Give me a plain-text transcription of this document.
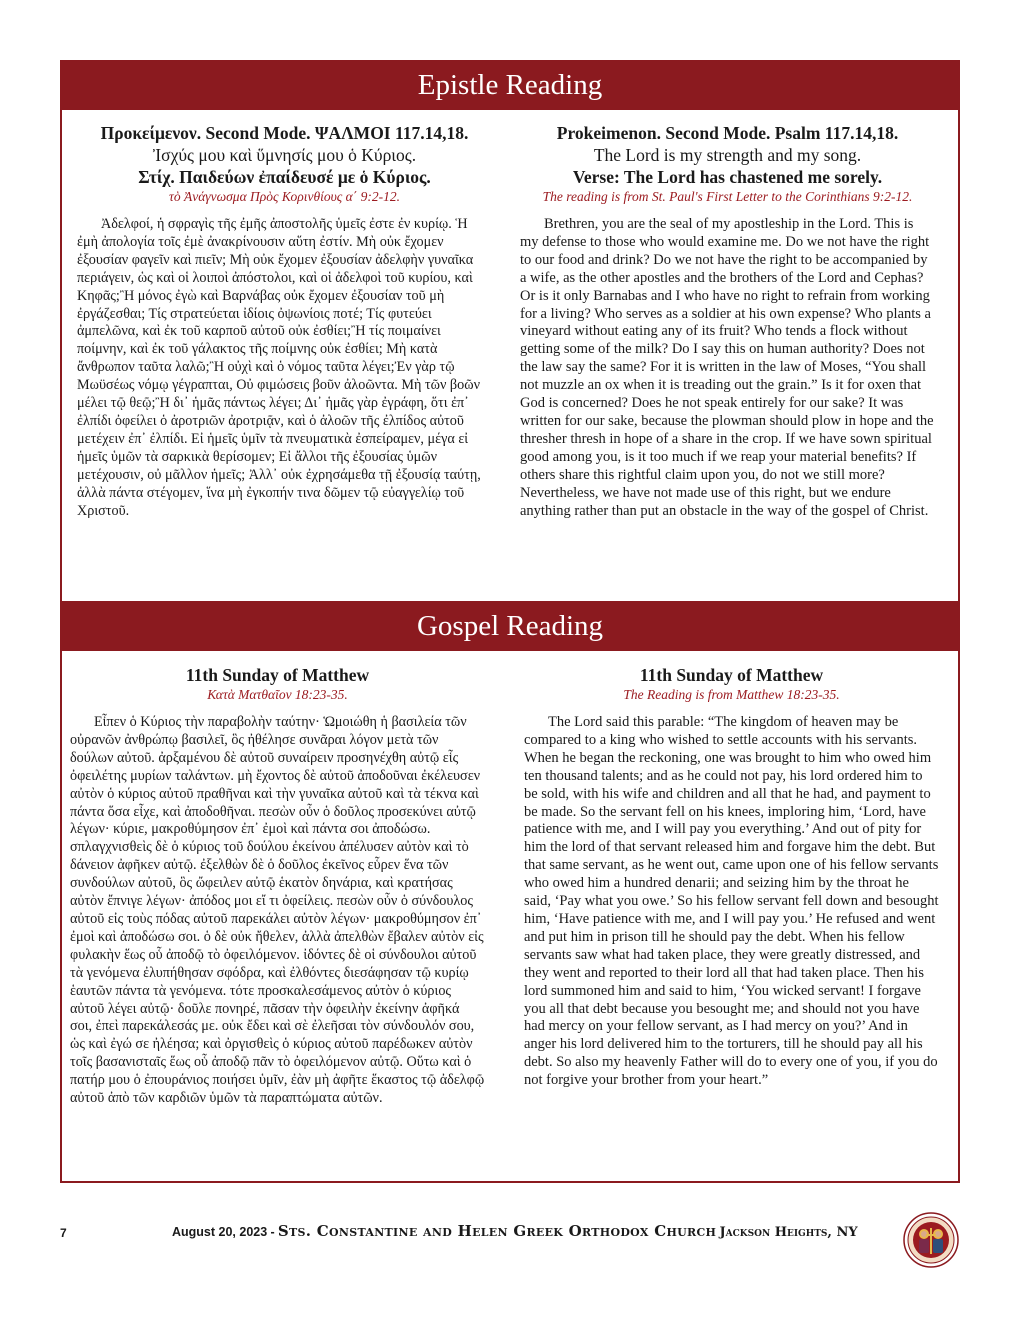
Epistle Reading
Προκείμενον. Second Mode. ΨΑΛΜΟΙ 117.14,18.
Ἰσχύς μου καὶ ὕμνησίς μου ὁ Κύριος.
Στίχ. Παιδεύων ἐπαίδευσέ με ὁ Κύριος.
τὸ Ἀνάγνωσμα Πρὸς Κορινθίους α΄ 9:2-12.
Ἀδελφοί, ἡ σφραγὶς τῆς ἐμῆς ἀποστολῆς ὑμεῖς ἐστε ἐν κυρίῳ. Ἡ ἐμὴ ἀπολογία τοῖς ἐμὲ ἀνακρίνουσιν αὕτη ἐστίν. Μὴ οὐκ ἔχομεν ἐξουσίαν φαγεῖν καὶ πιεῖν; Μὴ οὐκ ἔχομεν ἐξουσίαν ἀδελφὴν γυναῖκα περιάγειν, ὡς καὶ οἱ λοιποὶ ἀπόστολοι, καὶ οἱ ἀδελφοὶ τοῦ κυρίου, καὶ Κηφᾶς;Ἢ μόνος ἐγὼ καὶ Βαρνάβας οὐκ ἔχομεν ἐξουσίαν τοῦ μὴ ἐργάζεσθαι; Τίς στρατεύεται ἰδίοις ὀψωνίοις ποτέ; Τίς φυτεύει ἀμπελῶνα, καὶ ἐκ τοῦ καρποῦ αὐτοῦ οὐκ ἐσθίει;Ἢ τίς ποιμαίνει ποίμνην, καὶ ἐκ τοῦ γάλακτος τῆς ποίμνης οὐκ ἐσθίει; Μὴ κατὰ ἄνθρωπον ταῦτα λαλῶ;Ἢ οὐχὶ καὶ ὁ νόμος ταῦτα λέγει;Ἐν γὰρ τῷ Μωϋσέως νόμῳ γέγραπται, Οὐ φιμώσεις βοῦν ἀλοῶντα. Μὴ τῶν βοῶν μέλει τῷ θεῷ;Ἢ δι᾽ ἡμᾶς πάντως λέγει; Δι᾽ ἡμᾶς γὰρ ἐγράφη, ὅτι ἐπ᾽ ἐλπίδι ὀφείλει ὁ ἀροτριῶν ἀροτριᾷν, καὶ ὁ ἀλοῶν τῆς ἐλπίδος αὐτοῦ μετέχειν ἐπ᾽ ἐλπίδι. Εἰ ἡμεῖς ὑμῖν τὰ πνευματικὰ ἐσπείραμεν, μέγα εἰ ἡμεῖς ὑμῶν τὰ σαρκικὰ θερίσομεν; Εἰ ἄλλοι τῆς ἐξουσίας ὑμῶν μετέχουσιν, οὐ μᾶλλον ἡμεῖς; Ἀλλ᾽ οὐκ ἐχρησάμεθα τῇ ἐξουσίᾳ ταύτῃ, ἀλλὰ πάντα στέγομεν, ἵνα μὴ ἐγκοπήν τινα δῶμεν τῷ εὐαγγελίῳ τοῦ Χριστοῦ.
Prokeimenon. Second Mode. Psalm 117.14,18.
The Lord is my strength and my song.
Verse: The Lord has chastened me sorely.
The reading is from St. Paul's First Letter to the Corinthians 9:2-12.
Brethren, you are the seal of my apostleship in the Lord. This is my defense to those who would examine me. Do we not have the right to our food and drink? Do we not have the right to be accompanied by a wife, as the other apostles and the brothers of the Lord and Cephas? Or is it only Barnabas and I who have no right to refrain from working for a living? Who serves as a soldier at his own expense? Who plants a vineyard without eating any of its fruit? Who tends a flock without getting some of the milk? Do I say this on human authority? Does not the law say the same? For it is written in the law of Moses, “You shall not muzzle an ox when it is treading out the grain.” Is it for oxen that God is concerned? Does he not speak entirely for our sake? It was written for our sake, because the plowman should plow in hope and the thresher thresh in hope of a share in the crop. If we have sown spiritual good among you, is it too much if we reap your material benefits? If others share this rightful claim upon you, do not we still more? Nevertheless, we have not made use of this right, but we endure anything rather than put an obstacle in the way of the gospel of Christ.
Gospel Reading
11th Sunday of Matthew
Κατὰ Ματθαῖον 18:23-35.
Εἶπεν ὁ Κύριος τὴν παραβολὴν ταύτην· Ὡμοιώθη ἡ βασιλεία τῶν οὐρανῶν ἀνθρώπῳ βασιλεῖ, ὃς ἠθέλησε συνᾶραι λόγον μετὰ τῶν δούλων αὐτοῦ. ἀρξαμένου δὲ αὐτοῦ συναίρειν προσηνέχθη αὐτῷ εἷς ὀφειλέτης μυρίων ταλάντων. μὴ ἔχοντος δὲ αὐτοῦ ἀποδοῦναι ἐκέλευσεν αὐτὸν ὁ κύριος αὐτοῦ πραθῆναι καὶ τὴν γυναῖκα αὐτοῦ καὶ τὰ τέκνα καὶ πάντα ὅσα εἶχε, καὶ ἀποδοθῆναι. πεσὼν οὖν ὁ δοῦλος προσεκύνει αὐτῷ λέγων· κύριε, μακροθύμησον ἐπ᾽ ἐμοὶ καὶ πάντα σοι ἀποδώσω. σπλαγχνισθεὶς δὲ ὁ κύριος τοῦ δούλου ἐκείνου ἀπέλυσεν αὐτὸν καὶ τὸ δάνειον ἀφῆκεν αὐτῷ. ἐξελθὼν δὲ ὁ δοῦλος ἐκεῖνος εὗρεν ἕνα τῶν συνδούλων αὐτοῦ, ὃς ὤφειλεν αὐτῷ ἑκατὸν δηνάρια, καὶ κρατήσας αὐτὸν ἔπνιγε λέγων· ἀπόδος μοι εἴ τι ὀφείλεις. πεσὼν οὖν ὁ σύνδουλος αὐτοῦ εἰς τοὺς πόδας αὐτοῦ παρεκάλει αὐτὸν λέγων· μακροθύμησον ἐπ᾽ ἐμοὶ καὶ ἀποδώσω σοι. ὁ δὲ οὐκ ἤθελεν, ἀλλὰ ἀπελθὼν ἔβαλεν αὐτὸν εἰς φυλακὴν ἕως οὗ ἀποδῷ τὸ ὀφειλόμενον. ἰδόντες δὲ οἱ σύνδουλοι αὐτοῦ τὰ γενόμενα ἐλυπήθησαν σφόδρα, καὶ ἐλθόντες διεσάφησαν τῷ κυρίῳ ἑαυτῶν πάντα τὰ γενόμενα. τότε προσκαλεσάμενος αὐτὸν ὁ κύριος αὐτοῦ λέγει αὐτῷ· δοῦλε πονηρέ, πᾶσαν τὴν ὀφειλὴν ἐκείνην ἀφῆκά σοι, ἐπεὶ παρεκάλεσάς με. οὐκ ἔδει καὶ σὲ ἐλεῆσαι τὸν σύνδουλόν σου, ὡς καὶ ἐγώ σε ἠλέησα; καὶ ὀργισθεὶς ὁ κύριος αὐτοῦ παρέδωκεν αὐτὸν τοῖς βασανισταῖς ἕως οὗ ἀποδῷ πᾶν τὸ ὀφειλόμενον αὐτῷ. Οὕτω καὶ ὁ πατήρ μου ὁ ἐπουράνιος ποιήσει ὑμῖν, ἐὰν μὴ ἀφῆτε ἕκαστος τῷ ἀδελφῷ αὐτοῦ ἀπὸ τῶν καρδιῶν ὑμῶν τὰ παραπτώματα αὐτῶν.
11th Sunday of Matthew
The Reading is from Matthew 18:23-35.
The Lord said this parable: “The kingdom of heaven may be compared to a king who wished to settle accounts with his servants. When he began the reckoning, one was brought to him who owed him ten thousand talents; and as he could not pay, his lord ordered him to be sold, with his wife and children and all that he had, and payment to be made. So the servant fell on his knees, imploring him, ‘Lord, have patience with me, and I will pay you everything.’ And out of pity for him the lord of that servant released him and forgave him the debt. But that same servant, as he went out, came upon one of his fellow servants who owed him a hundred denarii; and seizing him by the throat he said, ‘Pay what you owe.’ So his fellow servant fell down and besought him, ‘Have patience with me, and I will pay you.’ He refused and went and put him in prison till he should pay the debt. When his fellow servants saw what had taken place, they were greatly distressed, and they went and reported to their lord all that had taken place. Then his lord summoned him and said to him, ‘You wicked servant! I forgave you all that debt because you besought me; and should not you have had mercy on your fellow servant, as I had mercy on you?’ And in anger his lord delivered him to the torturers, till he should pay all his debt. So also my heavenly Father will do to every one of you, if you do not forgive your brother from your heart.”
7	August 20, 2023 - Sts. Constantine and Helen Greek Orthodox Church Jackson Heights, NY
